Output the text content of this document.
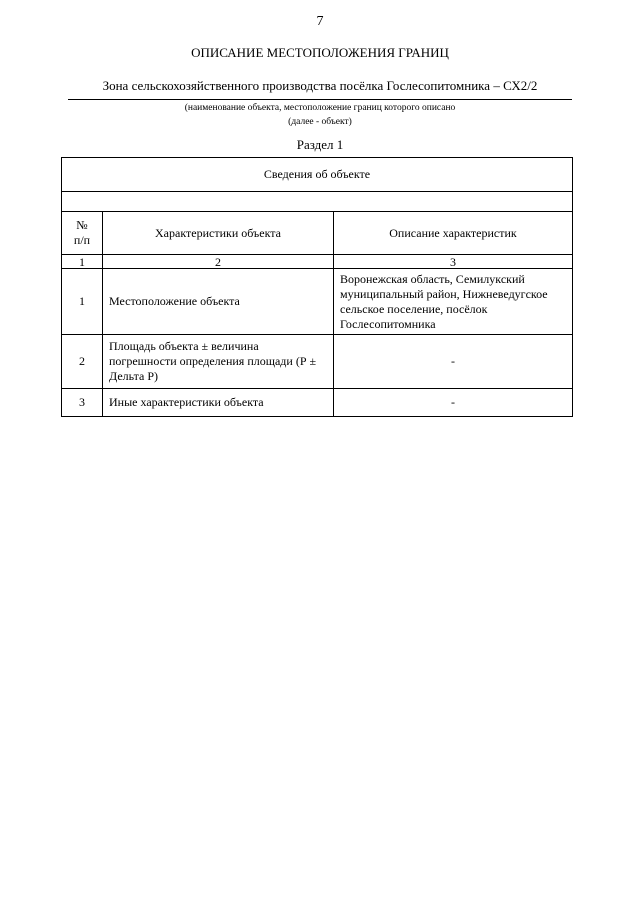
7
ОПИСАНИЕ МЕСТОПОЛОЖЕНИЯ ГРАНИЦ
Зона сельскохозяйственного производства посёлка Гослесопитомника – СХ2/2
(наименование объекта, местоположение границ которого описано
(далее - объект)
Раздел 1
Сведения об объекте		

№ п/п	Характеристики объекта	Описание характеристик
1	2	3
1	Местоположение объекта	Воронежская область, Семилукский муниципальный район, Нижневедугское сельское поселение, посёлок Гослесопитомника
2	Площадь объекта ± величина погрешности определения площади (Р ± Дельта Р)	-
3	Иные характеристики объекта	-
